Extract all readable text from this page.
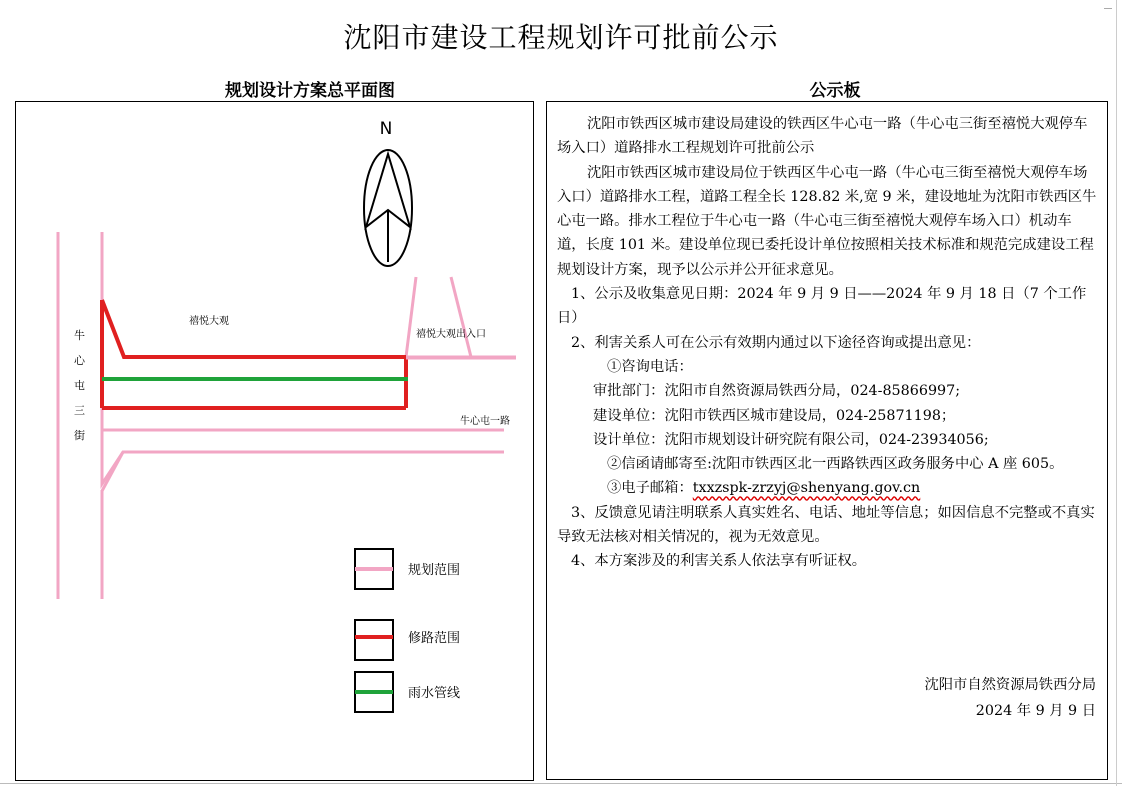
沈阳市建设工程规划许可批前公示
规划设计方案总平面图	公示板
N
牛
心
屯
三
街
禧悦大观
禧悦大观出入口
牛心屯一路
规划范围
修路范围
雨水管线

沈阳市铁西区城市建设局建设的铁西区牛心屯一路（牛心屯三街至禧悦大观停车场入口）道路排水工程规划许可批前公示

沈阳市铁西区城市建设局位于铁西区牛心屯一路（牛心屯三街至禧悦大观停车场入口）道路排水工程，道路工程全长 128.82 米,宽 9 米，建设地址为沈阳市铁西区牛心屯一路。排水工程位于牛心屯一路（牛心屯三街至禧悦大观停车场入口）机动车道，长度 101 米。建设单位现已委托设计单位按照相关技术标准和规范完成建设工程规划设计方案，现予以公示并公开征求意见。

1、公示及收集意见日期：2024 年 9 月 9 日——2024 年 9 月 18 日（7 个工作日）

2、利害关系人可在公示有效期内通过以下途径咨询或提出意见：

①咨询电话：

审批部门：沈阳市自然资源局铁西分局，024-85866997;

建设单位：沈阳市铁西区城市建设局，024-25871198；

设计单位：沈阳市规划设计研究院有限公司，024-23934056;

②信函请邮寄至:沈阳市铁西区北一西路铁西区政务服务中心 A 座 605。

③电子邮箱：txxzspk-zrzyj@shenyang.gov.cn

3、反馈意见请注明联系人真实姓名、电话、地址等信息；如因信息不完整或不真实导致无法核对相关情况的，视为无效意见。

4、本方案涉及的利害关系人依法享有听证权。

沈阳市自然资源局铁西分局
2024 年 9 月 9 日
